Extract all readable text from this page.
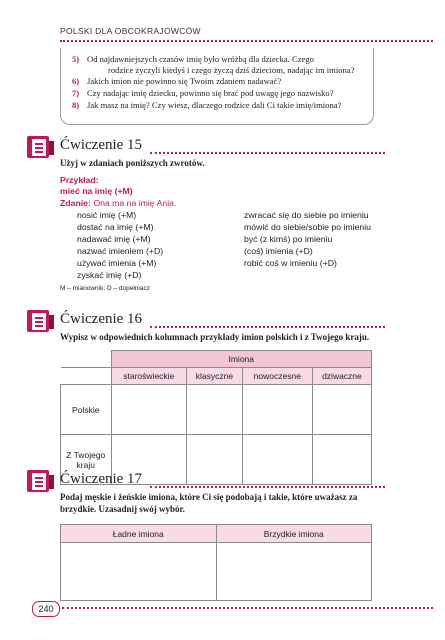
POLSKI DLA OBCOKRAJOWCÓW
5) Od najdawniejszych czasów imię było wróżbą dla dziecka. Czego
rodzice życzyli kiedyś i czego życzą dziś dzieciom, nadając im imiona?
6) Jakich imion nie powinno się Twoim zdaniem nadawać?
7) Czy nadając imię dziecku, powinno się brać pod uwagę jego nazwisko?
8) Jak masz na imię? Czy wiesz, dlaczego rodzice dali Ci takie imię/imiona?
Ćwiczenie 15
Użyj w zdaniach poniższych zwrotów.
Przykład:
mieć na imię (+M)
Zdanie: Ona ma na imię Ania.
nosić imię (+M)
dostać na imię (+M)
nadawać imię (+M)
nazwać imieniem (+D)
używać imienia (+M)
zyskać imię (+D)
zwracać się do siebie po imieniu
mówić do siebie/sobie po imieniu
być (z kimś) po imieniu
(coś) imienia (+D)
robić coś w imieniu (+D)
M – mianownik; D – dopełniacz
Ćwiczenie 16
Wypisz w odpowiednich kolumnach przykłady imion polskich i z Twojego kraju.
	Imiona			
	staroświeckie	klasyczne	nowoczesne	dziwaczne
Polskie				
Z Twojego kraju				
Ćwiczenie 17
Podaj męskie i żeńskie imiona, które Ci się podobają i takie, które uważasz za
brzydkie. Uzasadnij swój wybór.
Ładne imiona	Brzydkie imiona

240
